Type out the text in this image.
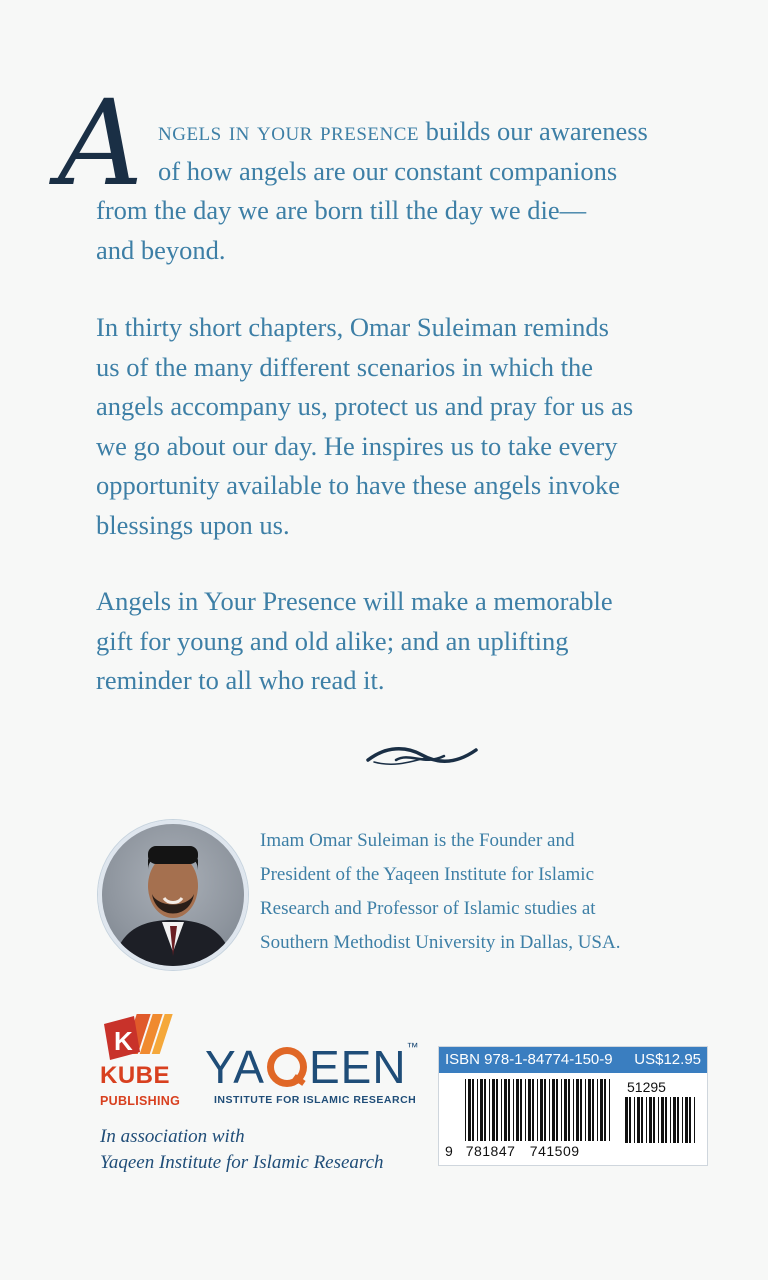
A ngels in your presence builds our awareness
of how angels are our constant companions
from the day we are born till the day we die—
and beyond.

In thirty short chapters, Omar Suleiman reminds
us of the many different scenarios in which the
angels accompany us, protect us and pray for us as
we go about our day. He inspires us to take every
opportunity available to have these angels invoke
blessings upon us.

Angels in Your Presence will make a memorable
gift for young and old alike; and an uplifting
reminder to all who read it.

Imam Omar Suleiman is the Founder and
President of the Yaqeen Institute for Islamic
Research and Professor of Islamic studies at
Southern Methodist University in Dallas, USA.

K
KUBE
PUBLISHING
YA EEN™
INSTITUTE FOR ISLAMIC RESEARCH

In association with
Yaqeen Institute for Islamic Research

ISBN 978-1-84774-150-9 US$12.95
51295
9 781847 741509
